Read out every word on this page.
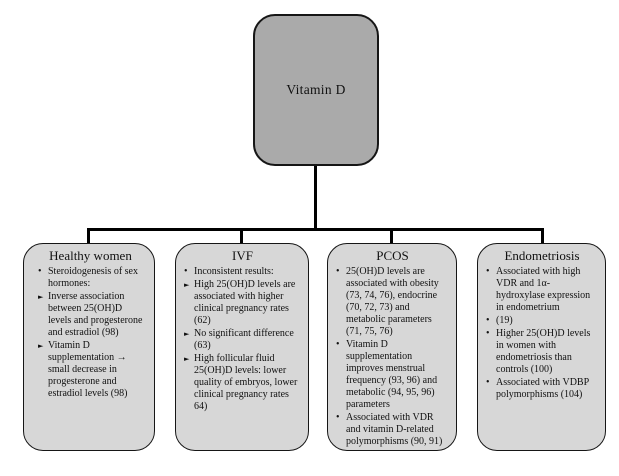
Vitamin D
Healthy women
• Steroidogenesis of sex hormones:
► Inverse association between 25(OH)D levels and progesterone and estradiol (98)
► Vitamin D supplementation → small decrease in progesterone and estradiol levels (98)
IVF
• Inconsistent results:
► High 25(OH)D levels are associated with higher clinical pregnancy rates (62)
► No significant difference (63)
► High follicular fluid 25(OH)D levels: lower quality of embryos, lower clinical pregnancy rates 64)
PCOS
• 25(OH)D levels are associated with obesity (73, 74, 76), endocrine (70, 72, 73) and metabolic parameters (71, 75, 76)
• Vitamin D supplementation improves menstrual frequency (93, 96) and metabolic (94, 95, 96) parameters
• Associated with VDR and vitamin D-related polymorphisms (90, 91)
Endometriosis
• Associated with high VDR and 1α-hydroxylase expression in endometrium
• (19)
• Higher 25(OH)D levels in women with endometriosis than controls (100)
• Associated with VDBP polymorphisms (104)
